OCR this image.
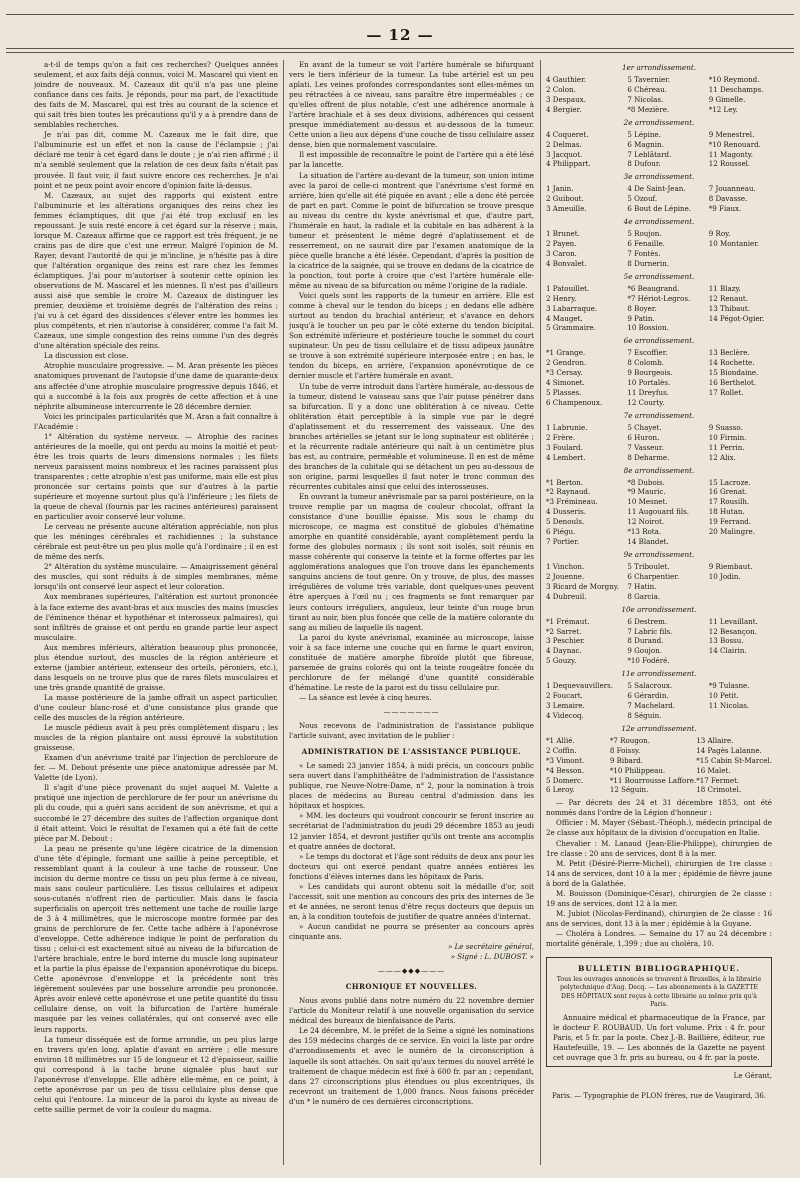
— 12 —

a-t-il de temps qu'on a fait ces recherches? Quelques années seulement, et aux faits déjà connus, voici M. Mascarel qui vient en joindre de nouveaux. M. Cazeaux dit qu'il n'a pas une pleine confiance dans ces faits. Je réponds, pour ma part, de l'exactitude des faits de M. Mascarel, qui est très au courant de la science et qui sait très bien toutes les précautions qu'il y a à prendre dans de semblables recherches.

Je n'ai pas dit, comme M. Cazeaux me le fait dire, que l'albuminurie est un effet et non la cause de l'éclampsie ; j'ai déclaré me tenir à cet égard dans le doute ; je n'ai rien affirmé ; il m'a semblé seulement que la relation de ces deux faits n'était pas prouvée. Il faut voir, il faut suivre encore ces recherches. Je n'ai point et ne peux point avoir encore d'opinion faite là-dessus.

M. Cazeaux, au sujet des rapports qui existent entre l'albuminurie et les altérations organiques des reins chez les femmes éclamptiques, dit que j'ai été trop exclusif en les repoussant. Je suis resté encore à cet égard sur la réserve ; mais, lorsque M. Cazeaux affirme que ce rapport est très fréquent, je ne crains pas de dire que c'est une erreur. Malgré l'opinion de M. Rayer, devant l'autorité de qui je m'incline, je n'hésite pas à dire que l'altération organique des reins est rare chez les femmes éclamptiques. J'ai pour m'autoriser à soutenir cette opinion les observations de M. Mascarel et les miennes. Il n'est pas d'ailleurs aussi aisé que semble le croire M. Cazeaux de distinguer les premier, deuxième et troisième degrés de l'altération des reins ; j'ai vu à cet égard des dissidences s'élever entre les hommes les plus compétents, et rien n'autorise à considérer, comme l'a fait M. Cazeaux, une simple congestion des reins comme l'un des degrés d'une altération spéciale des reins.

La discussion est close.

Atrophie musculaire progressive. — M. Aran présente les pièces anatomiques provenant de l'autopsie d'une dame de quarante-deux ans affectée d'une atrophie musculaire progressive depuis 1846, et qui a succombé à la fois aux progrès de cette affection et à une néphrite albumineuse intercurrente le 28 décembre dernier.

Voici les principales particularités que M. Aran a fait connaître à l'Académie :

1° Altération du système nerveux. — Atrophie des racines antérieures de la moelle, qui ont perdu au moins la moitié et peut-être les trois quarts de leurs dimensions normales ; les filets nerveux paraissent moins nombreux et les racines paraissent plus transparentes ; cette atrophie n'est pas uniforme, mais elle est plus prononcée sur certains points que sur d'autres à la partie supérieure et moyenne surtout plus qu'à l'inférieure ; les filets de la queue de cheval (fournis par les racines antérieures) paraissent en particulier avoir conservé leur volume.

Le cerveau ne présente aucune altération appréciable, non plus que les méninges cérébrales et rachidiennes ; la substance cérébrale est peut-être un peu plus molle qu'à l'ordinaire ; il en est de même des nerfs.

2° Altération du système musculaire. — Amaigrissement général des muscles, qui sont réduits à de simples membranes, même lorsqu'ils ont conservé leur aspect et leur coloration.

Aux membranes supérieures, l'altération est surtout prononcée à la face externe des avant-bras et aux muscles des mains (muscles de l'éminence thénar et hypothénar et interosseux palmaires), qui sont infiltrés de graisse et ont perdu en grande partie leur aspect musculaire.

Aux membres inférieurs, altération beaucoup plus prononcée, plus étendue surtout, des muscles de la région antérieure et externe (jambier antérieur, extenseur des orteils, péroniers, etc.), dans lesquels on ne trouve plus que de rares filets musculaires et une très grande quantité de graisse.

La masse postérieure de la jambe offrait un aspect particulier, d'une couleur blanc-rosé et d'une consistance plus grande que celle des muscles de la région antérieure.

Le muscle pédieux avait à peu près complètement disparu ; les muscles de la région plantaire ont aussi éprouvé la substitution graisseuse.

Examen d'un anévrisme traité par l'injection de perchlorure de fer. — M. Debout présente une pièce anatomique adressée par M. Valette (de Lyon).

Il s'agit d'une pièce provenant du sujet auquel M. Valette a pratiqué une injection de perchlorure de fer pour un anévrisme du pli du coude, qui a guéri sans accident de son anévrisme, et qui a succombé le 27 décembre des suites de l'affection organique dont il était atteint. Voici le résultat de l'examen qui a été fait de cette pièce par M. Debout :

La peau ne présente qu'une légère cicatrice de la dimension d'une tête d'épingle, formant une saillie à peine perceptible, et ressemblant quant à la couleur à une tache de rousseur. Une incision du derme montre ce tissu un peu plus ferme à ce niveau, mais sans couleur particulière. Les tissus cellulaires et adipeux sous-cutanés n'offrent rien de particulier. Mais dans le fascia superficialis on aperçoit très nettement une tache de rouille large de 3 à 4 millimètres, que le microscope montre formée par des grains de perchlorure de fer. Cette tache adhère à l'aponévrose d'enveloppe. Cette adhérence indique le point de perforation du tissu ; celui-ci est exactement situé au niveau de la bifurcation de l'artère brachiale, entre le bord interne du muscle long supinateur et la partie la plus épaisse de l'expansion aponévrotique du biceps. Cette aponévrose d'enveloppe et la précédente sont très légèrement soulevées par une bosselure arrondie peu prononcée. Après avoir enlevé cette aponévrose et une petite quantité du tissu cellulaire dense, on voit la bifurcation de l'artère humérale masquée par les veines collatérales, qui ont conservé avec elle leurs rapports.

La tumeur disséquée est de forme arrondie, un peu plus large en travers qu'en long, aplatie d'avant en arrière ; elle mesure environ 18 millimètres sur 15 de longueur et 12 d'épaisseur, saillie qui correspond à la tache brune signalée plus haut sur l'aponévrose d'enveloppe. Elle adhère elle-même, en ce point, à cette aponévrose par un peu de tissu cellulaire plus dense que celui qui l'entoure. La minceur de la paroi du kyste au niveau de cette saillie permet de voir la couleur du magma.

En avant de la tumeur se voit l'artère humérale se bifurquant vers le tiers inférieur de la tumeur. La tube artériel est un peu aplati. Les veines profondes correspondantes sont elles-mêmes un peu rétractées à ce niveau, sans paraître être imperméables ; ce qu'elles offrent de plus notable, c'est une adhérence anormale à l'artère brachiale et à ses deux divisions, adhérences qui cessent presque immédiatement au-dessus et au-dessous de la tumeur. Cette union a lieu aux dépens d'une couche de tissu cellulaire assez dense, bien que normalement vasculaire.

Il est impossible de reconnaître le point de l'artère qui a été lésé par la lancette.

La situation de l'artère au-devant de la tumeur, son union intime avec la paroi de celle-ci montrent que l'anévrisme s'est formé en arrière, bien qu'elle ait été piquée en avant ; elle a donc été percée de part en part. Comme le point de bifurcation se trouve presque au niveau du centre du kyste anévrismal et que, d'autre part, l'humérale en haut, la radiale et la cubitale en bas adhèrent à la tumeur et présentent le même degré d'aplatissement et de resserrement, on ne saurait dire par l'examen anatomique de la pièce quelle branche a été lésée. Cependant, d'après la position de la cicatrice de la saignée, qui se trouve en dedans de la cicatrice de la ponction, tout porte à croire que c'est l'artère humérale elle-même au niveau de sa bifurcation ou même l'origine de la radiale.

Voici quels sont les rapports de la tumeur en arrière. Elle est comme à cheval sur le tendon du biceps ; en dedans elle adhère surtout au tendon du brachial antérieur, et s'avance en dehors jusqu'à le toucher un peu par le côté externe du tendon bicipital. Son extrémité inférieure et postérieure touche le sommet du court supinateur. Un peu de tissu cellulaire et de tissu adipeux jaunâtre se trouve à son extrémité supérieure interposée entre ; en bas, le tendon du biceps, en arrière, l'expansion aponévrotique de ce dernier muscle et l'artère humérale en avant.

Un tube de verre introduit dans l'artère humérale, au-dessous de la tumeur, distend le vaisseau sans que l'air puisse pénétrer dans sa bifurcation. Il y a donc une oblitération à ce niveau. Cette oblitération était perceptible à la simple vue par le degré d'aplatissement et du resserrement des vaisseaux. Une des branches artérielles se jetant sur le long supinateur est oblitérée ; et la récurrente radiale antérieure qui naît à un centimètre plus bas est, au contraire, perméable et volumineuse. Il en est de même des branches de la cubitale qui se détachent un peu au-dessous de son origine, parmi lesquelles il faut noter le tronc commun des récurrentes cubitales ainsi que celui des interosseuses.

En ouvrant la tumeur anévrismale par sa paroi postérieure, on la trouve remplie par un magma de couleur chocolat, offrant la consistance d'une bouillie épaisse. Mis sous le champ du microscope, ce magma est constitué de globules d'hématine amorphe en quantité considérable, ayant complètement perdu la forme des globules normaux ; ils sont soit isolés, soit réunis en masse cohérente qui conserve la teinte et la forme offertes par les agglomérations analogues que l'on trouve dans les épanchements sanguins anciens de tout genre. On y trouve, de plus, des masses irrégulières de volume très variable, dont quelques-unes peuvent être aperçues à l'œil nu ; ces fragments se font remarquer par leurs contours irréguliers, anguleux, leur teinte d'un rouge brun tirant au noir, bien plus foncée que celle de la matière colorante du sang au milieu de laquelle ils nagent.

La paroi du kyste anévrismal, examinée au microscope, laisse voir à sa face interne une couche qui en forme le quart environ, constituée de matière amorphe fibroïde plutôt que fibreuse, parsemée de grains colorés qui ont la teinte rougeâtre foncée du perchlorure de fer mélangé d'une quantité considérable d'hématine. Le reste de la paroi est du tissu cellulaire pur.

— La séance est levée à cinq heures.

———————

Nous recevons de l'administration de l'assistance publique l'article suivant, avec invitation de le publier :

ADMINISTRATION DE L'ASSISTANCE PUBLIQUE.

« Le samedi 23 janvier 1854, à midi précis, un concours public sera ouvert dans l'amphithéâtre de l'administration de l'assistance publique, rue Neuve-Notre-Dame, n° 2, pour la nomination à trois places de médecins au Bureau central d'admission dans les hôpitaux et hospices.

» MM. les docteurs qui voudront concourir se feront inscrire au secrétariat de l'administration du jeudi 29 décembre 1853 au jeudi 12 janvier 1854, et devront justifier qu'ils ont trente ans accomplis et quatre années de doctorat.

» Le temps du doctorat et l'âge sont réduits de deux ans pour les docteurs qui ont exercé pendant quatre années entières les fonctions d'élèves internes dans les hôpitaux de Paris.

» Les candidats qui auront obtenu soit la médaille d'or, soit l'accessit, soit une mention au concours des prix des internes de 3e et 4e années, ne seront tenus d'être reçus docteurs que depuis un an, à la condition toutefois de justifier de quatre années d'internat.

» Aucun candidat ne pourra se présenter au concours après cinquante ans.

» Le secrétaire général,

» Signé : L. DUBOST. »

———◆◆◆———

CHRONIQUE ET NOUVELLES.

Nous avons publié dans notre numéro du 22 novembre dernier l'article du Moniteur relatif à une nouvelle organisation du service médical des bureaux de bienfaisance de Paris.

Le 24 décembre, M. le préfet de la Seine a signé les nominations des 159 médecins chargés de ce service. En voici la liste par ordre d'arrondissements et avec le numéro de la circonscription à laquelle ils sont attachés. On sait qu'aux termes du nouvel arrêté le traitement de chaque médecin est fixé à 600 fr. par an ; cependant, dans 27 circonscriptions plus étendues ou plus excentriques, ils recevront un traitement de 1,000 francs. Nous faisons précéder d'un * le numéro de ces dernières circonscriptions.

1er arrondissement.
4 Gauthier.	5 Tavernier.	*10 Reymond.
2 Colon.	6 Chéreau.	11 Deschamps.
3 Despaux.	7 Nicolas.	9 Gimelle.
4 Bergier.	*8 Mezière.	*12 Ley.
2e arrondissement.
4 Coqueret.	5 Lépine.	9 Menestrel.
2 Delmas.	6 Magnin.	*10 Renouard.
3 Jacquot.	7 Leblâtard.	11 Magonty.
4 Philippart.	8 Dufour.	12 Roussel.
3e arrondissement.
1 Janin.	4 De Saint-Jean.	7 Jouanneau.
2 Guibout.	5 Ozouf.	8 Davasse.
3 Ameuille.	6 Bout de Lépine.	*9 Fiaux.
4e arrondissement.
1 Brunet.	5 Roujon.	9 Roy.
2 Payen.	6 Fenaille.	10 Montanier.
3 Caron.	7 Fontès.	
4 Bonvalet.	8 Durnerin.	
5e arrondissement.
1 Patouillet.	*6 Beaugrand.	11 Blazy.
2 Henry.	*7 Hériot-Legros.	12 Renaut.
3 Labarraque.	8 Boyer.	13 Thibaut.
4 Mauget.	9 Patin.	14 Pégot-Ogier.
5 Grammaire.	10 Bossion.	
6e arrondissement.
*1 Grange.	7 Escoffier.	13 Beclère.
2 Gendron.	8 Colomb.	14 Rochette.
*3 Cersay.	9 Bourgeois.	15 Biondaine.
4 Simonet.	10 Portalès.	16 Berthelot.
5 Plasses.	11 Dreyfus.	17 Rollet.
6 Champenoux.	12 Courty.	
7e arrondissement.
1 Labrunie.	5 Chayet.	9 Suasso.
2 Frère.	6 Huron.	10 Firmin.
3 Foulard.	7 Vasseur.	11 Perrin.
4 Lembert.	8 Deharme.	12 Alix.
8e arrondissement.
*1 Berton.	*8 Dubois.	15 Lacroze.
*2 Raynaud.	*9 Mauric.	16 Grenat.
*3 Frémineau.	10 Mesnet.	17 Rousilh.
4 Dusseris.	11 Augouard fils.	18 Hutan.
5 Denouls.	12 Noirot.	19 Ferrand.
6 Piégu.	*13 Rota.	20 Malingre.
7 Portier.	14 Blandet.	
9e arrondissement.
1 Vinchon.	5 Triboulet.	9 Riembaut.
2 Jouenne.	6 Charpentier.	10 Jodin.
3 Ricard de Morgny.	7 Hatin.	
4 Dubreuil.	8 Garcia.	
10e arrondissement.
*1 Frémaut.	6 Destrem.	11 Levaillant.
*2 Sarret.	7 Labric fils.	12 Besançon.
3 Peschier.	8 Durand.	13 Bossu.
4 Daynac.	9 Goujon.	14 Clairin.
5 Gouzy.	*10 Fodéré.	
11e arrondissement.
1 Dequevauvillers.	5 Salacroux.	*9 Tulasne.
2 Foucart.	6 Gérardin.	10 Petit.
3 Lemaire.	7 Machelard.	11 Nicolas.
4 Videcoq.	8 Séguin.	
12e arrondissement.
*1 Allié.	*7 Rougon.	13 Allaire.
2 Coffin.	8 Foissy.	14 Pagès Lalanne.
*3 Vimont.	9 Bibard.	*15 Cabin St-Marcel.
*4 Besson.	*10 Philippeau.	16 Malet.
5 Domerc.	*11 Bourrousse Laffore.	*17 Fermet.
6 Leroy.	12 Séguin.	18 Crimotel.

— Par décrets des 24 et 31 décembre 1853, ont été nommés dans l'ordre de la Légion d'honneur :

Officier : M. Mayer (Sébast.-Théoph.), médecin principal de 2e classe aux hôpitaux de la division d'occupation en Italie.

Chevalier : M. Lanaud (Jean-Elie-Philippe), chirurgien de 1re classe : 20 ans de services, dont 8 à la mer.

M. Petit (Désiré-Pierre-Michel), chirurgien de 1re classe : 14 ans de services, dont 10 à la mer ; épidémie de fièvre jaune à bord de la Galathée.

M. Bouisson (Dominique-César), chirurgien de 2e classe : 19 ans de services, dont 12 à la mer.

M. Jubiot (Nicolas-Ferdinand), chirurgien de 2e classe : 16 ans de services, dont 13 à la mer ; épidémie à la Guyane.

— Choléra à Londres. — Semaine du 17 au 24 décembre : mortalité générale, 1,399 ; due au choléra, 10.

BULLETIN BIBLIOGRAPHIQUE.
Tous les ouvrages annoncés se trouvent à Bruxelles, à la librairie polytechnique d'Aug. Decq. — Les abonnements à la GAZETTE DES HÔPITAUX sont reçus à cette librairie au même prix qu'à Paris.

Annuaire médical et pharmaceutique de la France, par le docteur F. ROUBAUD. Un fort volume. Prix : 4 fr. pour Paris, et 5 fr. par la poste. Chez J.-B. Baillière, éditeur, rue Hautefeuille, 19. — Les abonnés de la Gazette ne payent cet ouvrage que 3 fr. pris au bureau, ou 4 fr. par la poste.

Le Gérant,
Paris. — Typographie de PLON frères, rue de Vaugirard, 36.
